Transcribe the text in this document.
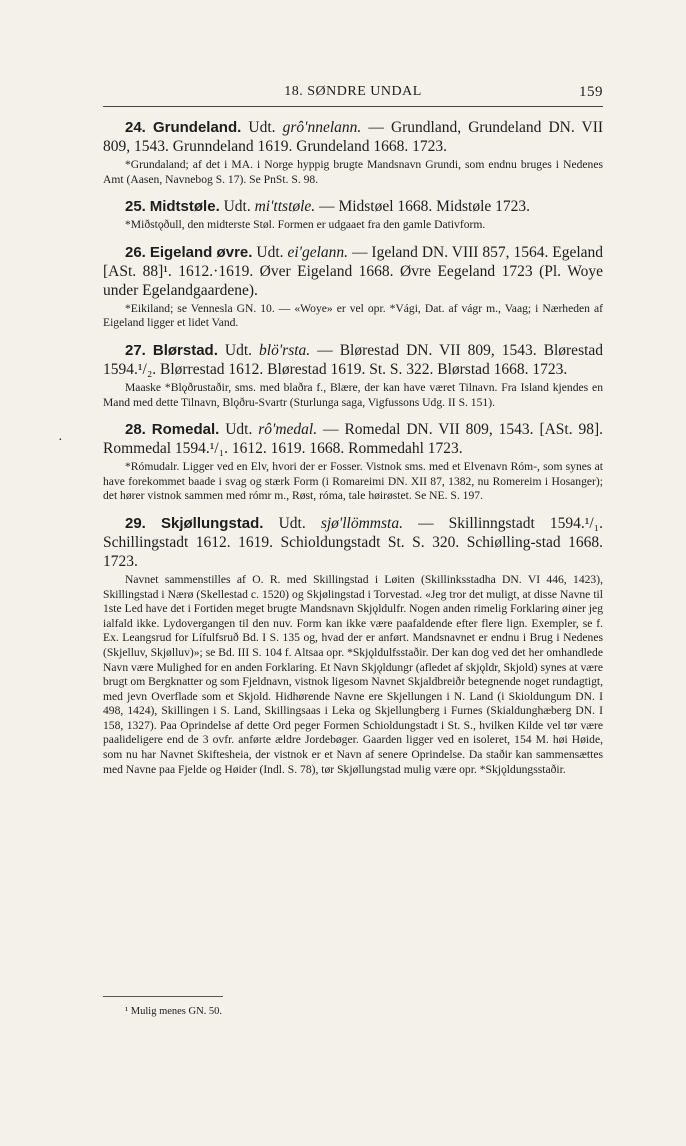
18. SØNDRE UNDAL	159

24. Grundeland. Udt. grô'nnelann. — Grundland, Grundeland DN. VII 809, 1543. Grunndeland 1619. Grundeland 1668. 1723.

*Grundaland; af det i MA. i Norge hyppig brugte Mandsnavn Grundi, som endnu bruges i Nedenes Amt (Aasen, Navnebog S. 17). Se PnSt. S. 98.

25. Midtstøle. Udt. mi'ttstøle. — Midstøel 1668. Midstøle 1723.

*Miðstǫðull, den midterste Støl. Formen er udgaaet fra den gamle Dativform.

26. Eigeland øvre. Udt. ei'gelann. — Igeland DN. VIII 857, 1564. Egeland [ASt. 88]¹. 1612.·1619. Øver Eigeland 1668. Øvre Eegeland 1723 (Pl. Woye under Egelandgaardene).

*Eikiland; se Vennesla GN. 10. — «Woye» er vel opr. *Vági, Dat. af vágr m., Vaag; i Nærheden af Eigeland ligger et lidet Vand.

27. Blørstad. Udt. blö'rsta. — Blørestad DN. VII 809, 1543. Blørestad 1594.¹/₂. Blørrestad 1612. Blørestad 1619. St. S. 322. Blørstad 1668. 1723.

Maaske *Blǫðrustaðir, sms. med blaðra f., Blære, der kan have været Tilnavn. Fra Island kjendes en Mand med dette Tilnavn, Blǫðru-Svartr (Sturlunga saga, Vigfussons Udg. II S. 151).

28. Romedal. Udt. rô'medal. — Romedal DN. VII 809, 1543. [ASt. 98]. Rommedal 1594.¹/₁. 1612. 1619. 1668. Rommedahl 1723.

*Rómudalr. Ligger ved en Elv, hvori der er Fosser. Vistnok sms. med et Elvenavn Róm-, som synes at have forekommet baade i svag og stærk Form (i Romareimi DN. XII 87, 1382, nu Romereim i Hosanger); det hører vistnok sammen med rómr m., Røst, róma, tale høirøstet. Se NE. S. 197.

29. Skjøllungstad. Udt. sjø'llömmsta. — Skillinngstadt 1594.¹/₁. Schillingstadt 1612. 1619. Schioldungstadt St. S. 320. Schiølling-stad 1668. 1723.

Navnet sammenstilles af O. R. med Skillingstad i Løiten (Skillinksstadha DN. VI 446, 1423), Skillingstad i Nærø (Skellestad c. 1520) og Skjølingstad i Torvestad. «Jeg tror det muligt, at disse Navne til 1ste Led have det i Fortiden meget brugte Mandsnavn Skjǫldulfr. Nogen anden rimelig Forklaring øiner jeg ialfald ikke. Lydovergangen til den nuv. Form kan ikke være paafaldende efter flere lign. Exempler, se f. Ex. Leangsrud for Lífulfsruð Bd. I S. 135 og, hvad der er anført. Mandsnavnet er endnu i Brug i Nedenes (Skjelluv, Skjølluv)»; se Bd. III S. 104 f. Altsaa opr. *Skjǫldulfsstaðir. Der kan dog ved det her omhandlede Navn være Mulighed for en anden Forklaring. Et Navn Skjǫldungr (afledet af skjǫldr, Skjold) synes at være brugt om Bergknatter og som Fjeldnavn, vistnok ligesom Navnet Skjaldbreiðr betegnende noget rundagtigt, med jevn Overflade som et Skjold. Hidhørende Navne ere Skjellungen i N. Land (i Skioldungum DN. I 498, 1424), Skillingen i S. Land, Skillingsaas i Leka og Skjellungberg i Furnes (Skialdunghæberg DN. I 158, 1327). Paa Oprindelse af dette Ord peger Formen Schioldungstadt i St. S., hvilken Kilde vel tør være paalideligere end de 3 ovfr. anførte ældre Jordebøger. Gaarden ligger ved en isoleret, 154 M. høi Høide, som nu har Navnet Skiftesheia, der vistnok er et Navn af senere Oprindelse. Da staðir kan sammensættes med Navne paa Fjelde og Høider (Indl. S. 78), tør Skjøllungstad mulig være opr. *Skjǫldungsstaðir.

¹ Mulig menes GN. 50.
·
